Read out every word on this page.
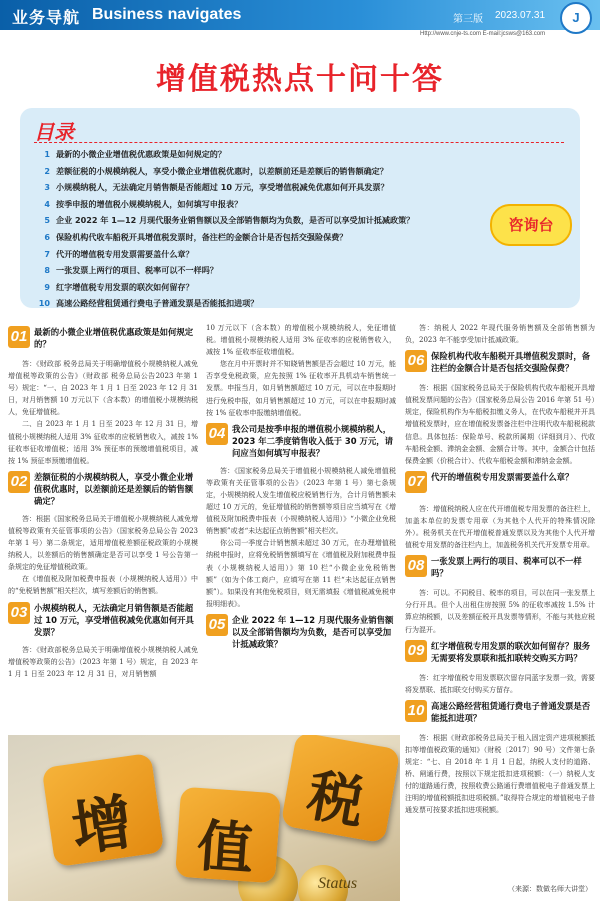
业务导航 Business navigates	第三版 2023.07.31	J
Http://www.cnje-ts.com E-mail:jcsws@163.com
增值税热点十问十答
目录
1 最新的小微企业增值税优惠政策是如何规定的？
2 差额征税的小规模纳税人，享受小微企业增值税优惠时，以差额前还是差额后的销售额确定？
3 小规模纳税人，无法确定月销售额是否能超过 10 万元，享受增值税减免优惠如何开具发票？
4 按季申报的增值税小规模纳税人，如何填写申报表？
5 企业 2022 年 1—12 月现代服务业销售额以及全部销售额均为负数，是否可以享受加计抵减政策？
6 保险机构代收车船税开具增值税发票时，备注栏的金额合计是否包括交强险保费？
7 代开的增值税专用发票需要盖什么章？
8 一张发票上两行的项目、税率可以不一样吗？
9 红字增值税专用发票的联次如何留存？
10 高速公路经营租赁通行费电子普通发票是否能抵扣进项？
咨询台
01 最新的小微企业增值税优惠政策是如何规定的？

答：《财政部 税务总局关于明确增值税小规模纳税人减免增值税等政策的公告》（财政部 税务总局公告2023 年第 1 号）规定：“一、自 2023 年 1 月 1 日至 2023 年 12 月 31 日，对月销售额 10 万元以下（含本数）的增值税小规模纳税人，免征增值税。

二、自 2023 年 1 月 1 日至 2023 年 12 月 31 日，增值税小规模纳税人适用 3% 征收率的应税销售收入，减按 1% 征收率征收增值税；适用 3% 预征率的预缴增值税项目，减按 1% 预征率预缴增值税。

02 差额征税的小规模纳税人，享受小微企业增值税优惠时，以差额前还是差额后的销售额确定？

答：根据《国家税务总局关于增值税小规模纳税人减免增值税等政策有关征管事项的公告》（国家税务总局公告 2023 年第 1 号）第二条规定，适用增值税差额征税政策的小规模纳税人，以差额后的销售额确定是否可以享受 1 号公告第一条规定的免征增值税政策。

在《增值税及附加税费申报表（小规模纳税人适用）》中的“免税销售额”相关栏次，填写差额后的销售额。

03 小规模纳税人，无法确定月销售额是否能超过 10 万元，享受增值税减免优惠如何开具发票？

答：《财政部税务总局关于明确增值税小规模纳税人减免增值税等政策的公告》（2023 年第 1 号）规定，自 2023 年 1 月 1 日至 2023 年 12 月 31 日，对月销售额

10 万元以下（含本数）的增值税小规模纳税人，免征增值税。增值税小规模纳税人适用 3% 征收率的应税销售收入，减按 1% 征收率征收增值税。

您在月中开票时并不知晓销售额是否会超过 10 万元，能否享受免税政策，应先按照 1% 征收率开具机动车销售统一发票。申报当月，如月销售额超过 10 万元，可以在申报期时进行免税申报，如月销售额超过 10 万元，可以在申报期时减按 1% 征收率申报缴纳增值税。

04 我公司是按季申报的增值税小规模纳税人，2023 年二季度销售收入低于 30 万元，请问应当如何填写申报表？

答：《国家税务总局关于增值税小规模纳税人减免增值税等政策有关征管事项的公告》（2023 年第 1 号）第七条规定，小规模纳税人发生增值税应税销售行为，合计月销售额未超过 10 万元的，免征增值税的销售额等项目应当填写在《增值税及附加税费申报表（小规模纳税人适用）》“小微企业免税销售额”或者“未达起征点销售额”相关栏次。

你公司一季度合计销售额未超过 30 万元，在办理增值税纳税申报时，应将免税销售额填写在《增值税及附加税费申报表（小规模纳税人适用）》第 10 栏“小微企业免税销售额”（如为个体工商户，应填写在第 11 栏“未达起征点销售额”）。如果没有其他免税项目，则无需填报《增值税减免税申报明细表》。

05 企业 2022 年 1—12 月现代服务业销售额以及全部销售额均为负数，是否可以享受加计抵减政策？

答：纳税人 2022 年现代服务销售额及全部销售额为负，2023 年不能享受加计抵减政策。

06 保险机构代收车船税开具增值税发票时，备注栏的金额合计是否包括交强险保费？

答：根据《国家税务总局关于保险机构代收车船税开具增值税发票问题的公告》（国家税务总局公告 2016 年第 51 号）规定，保险机构作为车船税扣缴义务人，在代收车船税并开具增值税发票时，应在增值税发票备注栏中注明代收车船税税款信息。具体包括：保险单号、税款所属期（详细到月）、代收车船税金额、滞纳金金额、金额合计等。其中，金额合计包括保费金额（价税合计）、代收车船税金额和滞纳金金额。

07 代开的增值税专用发票需要盖什么章？

答：增值税纳税人应在代开增值税专用发票的备注栏上，加盖本单位的发票专用章（为其他个人代开的特殊情况除外）。税务机关在代开增值税普通发票以及为其他个人代开增值税专用发票的备注栏内上，加盖税务机关代开发票专用章。

08 一张发票上两行的项目、税率可以不一样吗？

答：可以。不同税目、税率的项目，可以在同一张发票上分行开具。但个人出租住房按照 5% 的征收率减按 1.5% 计算应纳税额，以及差额征税开具发票等情形，不能与其他应税行为混开。

09 红字增值税专用发票的联次如何留存？服务无需要将发票联和抵扣联转交购买方吗？

答：红字增值税专用发票联次留存同蓝字发票一致，需要将发票联、抵扣联交付购买方留存。

10 高速公路经营租赁通行费电子普通发票是否能抵扣进项？

答：根据《财政部税务总局关于租入固定资产进项税额抵扣等增值税政策的通知》（财税〔2017〕90 号）文件第七条规定：“七、自 2018 年 1 月 1 日起，纳税人支付的道路、桥、闸通行费，按照以下规定抵扣进项税额：（一）纳税人支付的道路通行费，按照收费公路通行费增值税电子普通发票上注明的增值税额抵扣进项税额。”取得符合规定的增值税电子普通发票可按要求抵扣进项税额。

增 值
税
Status	（来源：数做名师大讲堂）
